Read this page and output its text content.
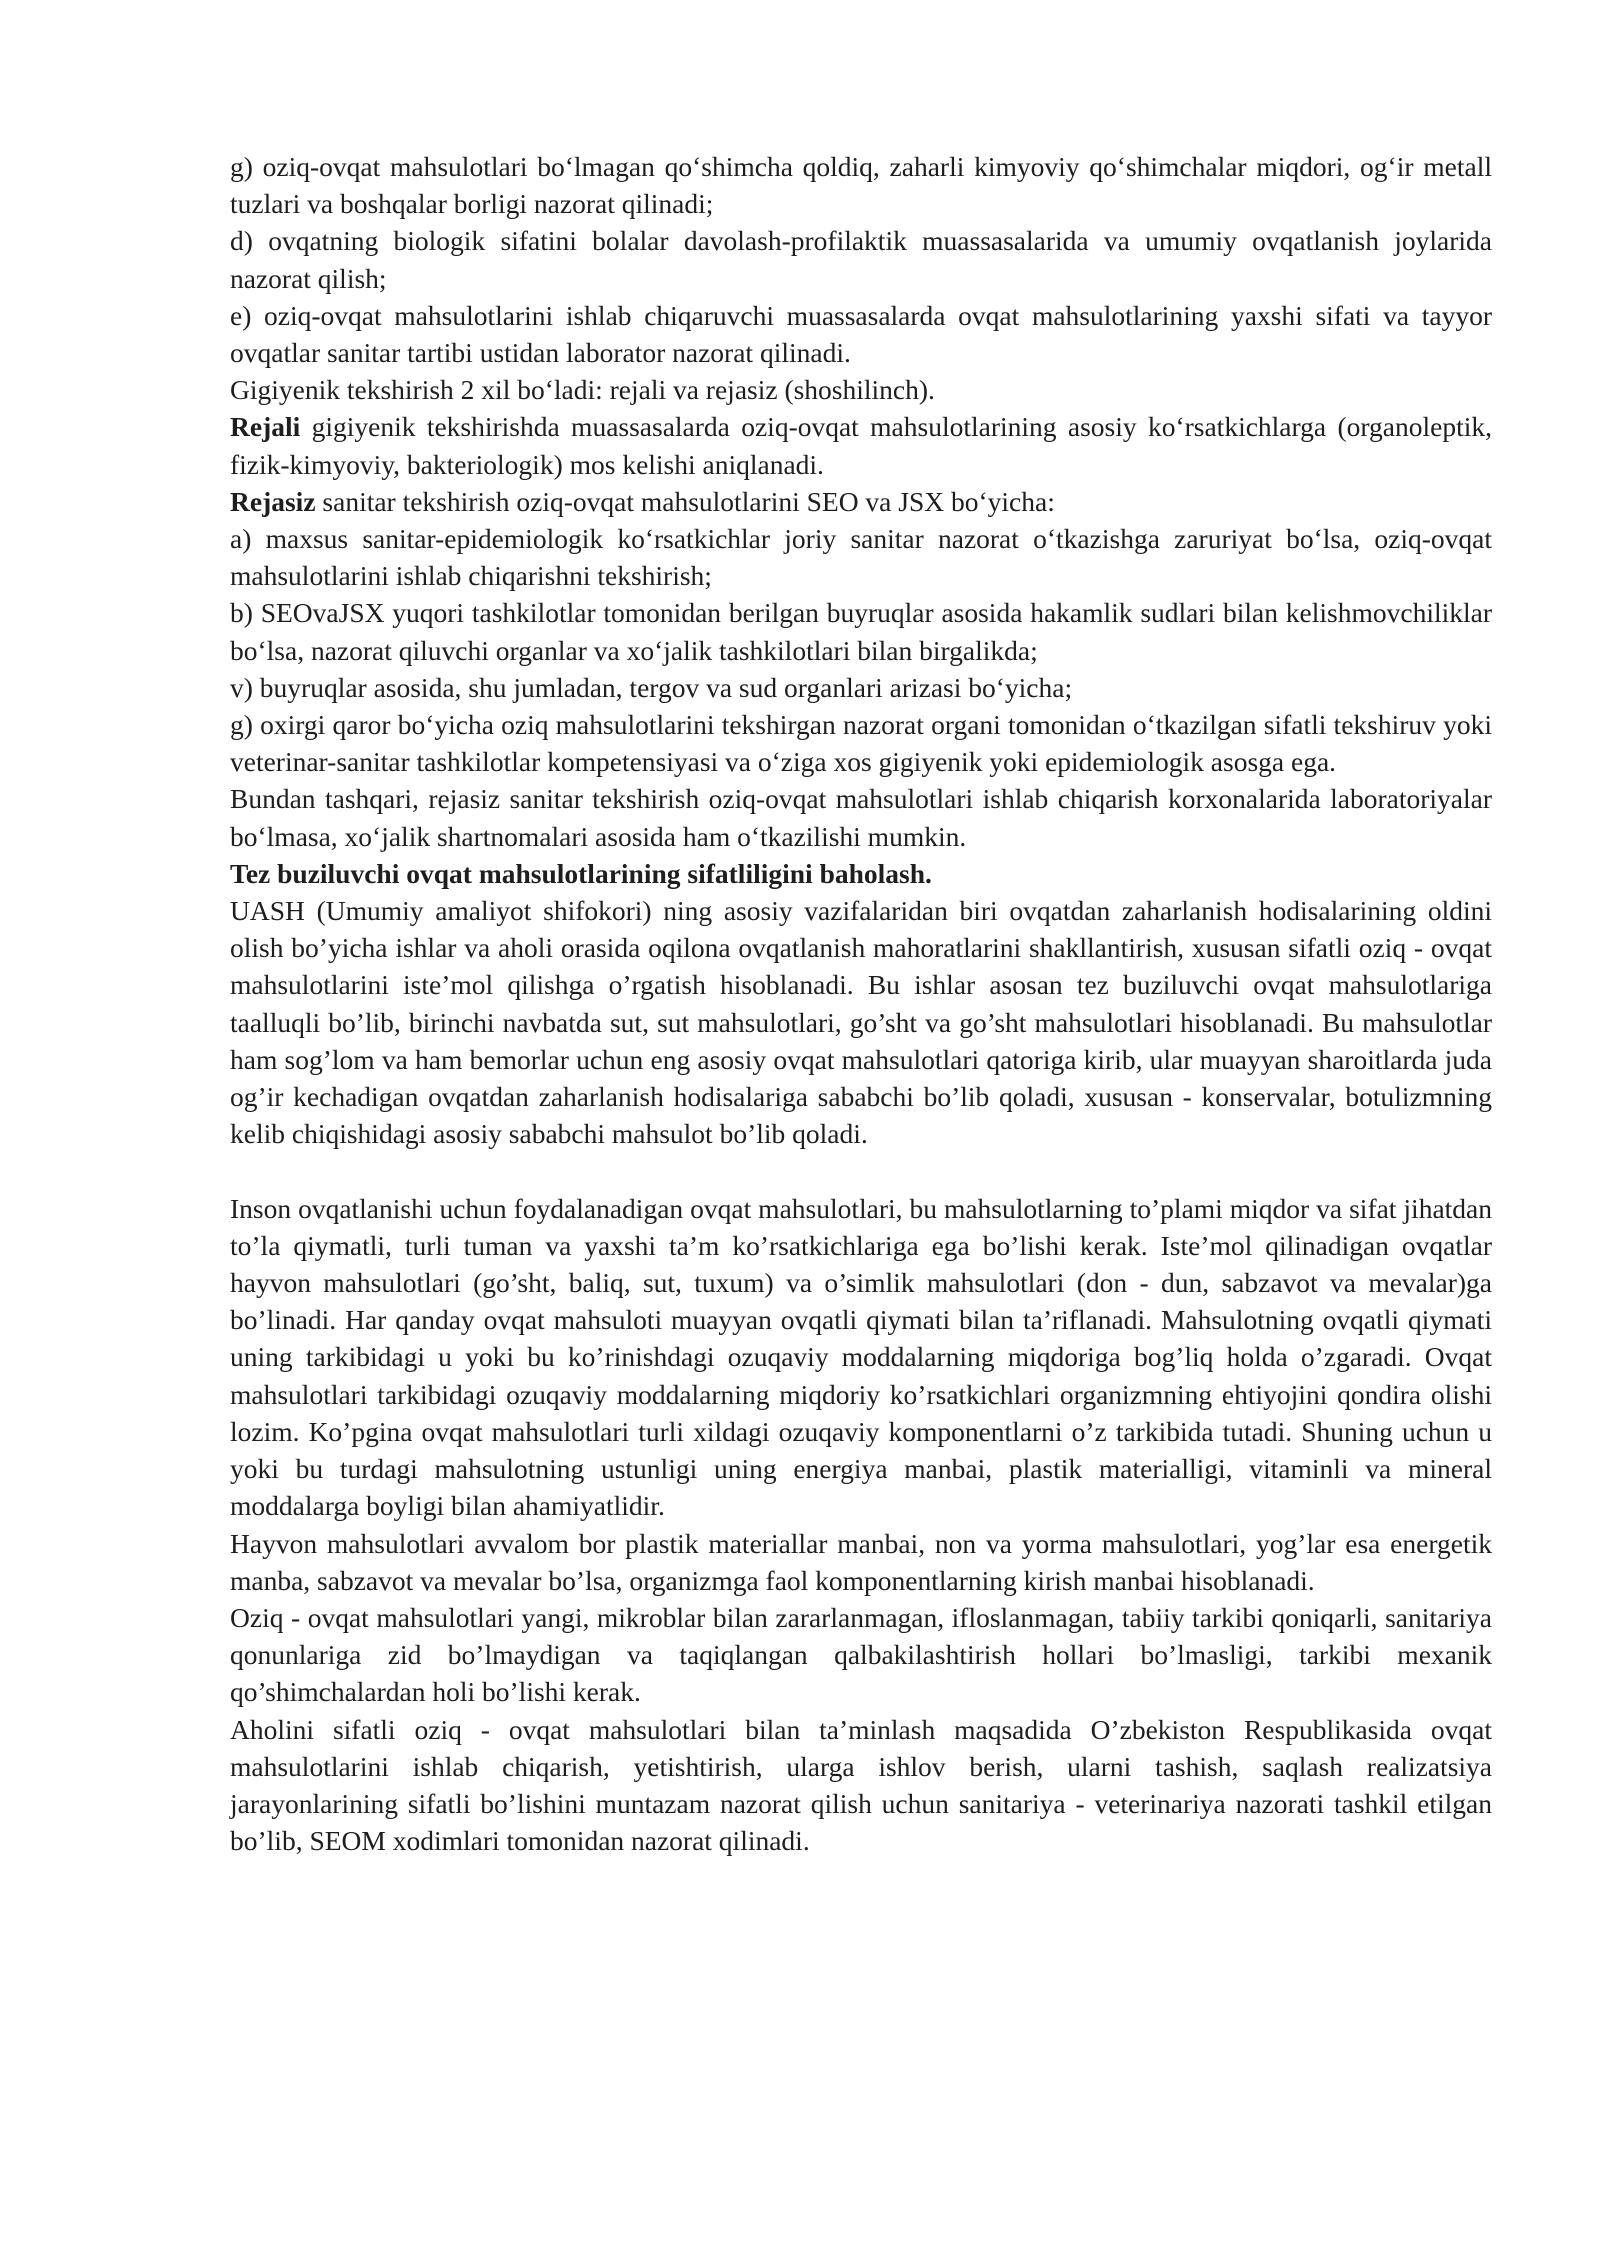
g) oziq-ovqat mahsulotlari bo‘lmagan qo‘shimcha qoldiq, zaharli kimyoviy qo‘shimchalar miqdori, og‘ir metall tuzlari va boshqalar borligi nazorat qilinadi;

d) ovqatning biologik sifatini bolalar davolash-profilaktik muassasalarida va umumiy ovqatlanish joylarida nazorat qilish;

e) oziq-ovqat mahsulotlarini ishlab chiqaruvchi muassasalarda ovqat mahsulotlarining yaxshi sifati va tayyor ovqatlar sanitar tartibi ustidan laborator nazorat qilinadi.

Gigiyenik tekshirish 2 xil bo‘ladi: rejali va rejasiz (shoshilinch).

Rejali gigiyenik tekshirishda muassasalarda oziq-ovqat mahsulotlarining asosiy ko‘rsatkichlarga (organoleptik, fizik-kimyoviy, bakteriologik) mos kelishi aniqlanadi.

Rejasiz sanitar tekshirish oziq-ovqat mahsulotlarini SEO va JSX bo‘yicha:

a) maxsus sanitar-epidemiologik ko‘rsatkichlar joriy sanitar nazorat o‘tkazishga zaruriyat bo‘lsa, oziq-ovqat mahsulotlarini ishlab chiqarishni tekshirish;

b) SEOvaJSX yuqori tashkilotlar tomonidan berilgan buyruqlar asosida hakamlik sudlari bilan kelishmovchiliklar bo‘lsa, nazorat qiluvchi organlar va xo‘jalik tashkilotlari bilan birgalikda;

v) buyruqlar asosida, shu jumladan, tergov va sud organlari arizasi bo‘yicha;

g) oxirgi qaror bo‘yicha oziq mahsulotlarini tekshirgan nazorat organi tomonidan o‘tkazilgan sifatli tekshiruv yoki veterinar-sanitar tashkilotlar kompetensiyasi va o‘ziga xos gigiyenik yoki epidemiologik asosga ega.

Bundan tashqari, rejasiz sanitar tekshirish oziq-ovqat mahsulotlari ishlab chiqarish korxonalarida laboratoriyalar bo‘lmasa, xo‘jalik shartnomalari asosida ham o‘tkazilishi mumkin.

Tez buziluvchi ovqat mahsulotlarining sifatliligini baholash.

UASH (Umumiy amaliyot shifokori) ning asosiy vazifalaridan biri ovqatdan zaharlanish hodisalarining oldini olish bo’yicha ishlar va aholi orasida oqilona ovqatlanish mahoratlarini shakllantirish, xususan sifatli oziq - ovqat mahsulotlarini iste’mol qilishga o’rgatish hisoblanadi. Bu ishlar asosan tez buziluvchi ovqat mahsulotlariga taalluqli bo’lib, birinchi navbatda sut, sut mahsulotlari, go’sht va go’sht mahsulotlari hisoblanadi. Bu mahsulotlar ham sog’lom va ham bemorlar uchun eng asosiy ovqat mahsulotlari qatoriga kirib, ular muayyan sharoitlarda juda og’ir kechadigan ovqatdan zaharlanish hodisalariga sababchi bo’lib qoladi, xususan - konservalar, botulizmning kelib chiqishidagi asosiy sababchi mahsulot bo’lib qoladi.

Inson ovqatlanishi uchun foydalanadigan ovqat mahsulotlari, bu mahsulotlarning to’plami miqdor va sifat jihatdan to’la qiymatli, turli tuman va yaxshi ta’m ko’rsatkichlariga ega bo’lishi kerak. Iste’mol qilinadigan ovqatlar hayvon mahsulotlari (go’sht, baliq, sut, tuxum) va o’simlik mahsulotlari (don - dun, sabzavot va mevalar)ga bo’linadi. Har qanday ovqat mahsuloti muayyan ovqatli qiymati bilan ta’riflanadi. Mahsulotning ovqatli qiymati uning tarkibidagi u yoki bu ko’rinishdagi ozuqaviy moddalarning miqdoriga bog’liq holda o’zgaradi. Ovqat mahsulotlari tarkibidagi ozuqaviy moddalarning miqdoriy ko’rsatkichlari organizmning ehtiyojini qondira olishi lozim. Ko’pgina ovqat mahsulotlari turli xildagi ozuqaviy komponentlarni o’z tarkibida tutadi. Shuning uchun u yoki bu turdagi mahsulotning ustunligi uning energiya manbai, plastik materialligi, vitaminli va mineral moddalarga boyligi bilan ahamiyatlidir.

Hayvon mahsulotlari avvalom bor plastik materiallar manbai, non va yorma mahsulotlari, yog’lar esa energetik manba, sabzavot va mevalar bo’lsa, organizmga faol komponentlarning kirish manbai hisoblanadi.

Oziq - ovqat mahsulotlari yangi, mikroblar bilan zararlanmagan, ifloslanmagan, tabiiy tarkibi qoniqarli, sanitariya qonunlariga zid bo’lmaydigan va taqiqlangan qalbakilashtirish hollari bo’lmasligi, tarkibi mexanik qo’shimchalardan holi bo’lishi kerak.

Aholini sifatli oziq - ovqat mahsulotlari bilan ta’minlash maqsadida O’zbekiston Respublikasida ovqat mahsulotlarini ishlab chiqarish, yetishtirish, ularga ishlov berish, ularni tashish, saqlash realizatsiya jarayonlarining sifatli bo’lishini muntazam nazorat qilish uchun sanitariya - veterinariya nazorati tashkil etilgan bo’lib, SEOM xodimlari tomonidan nazorat qilinadi.
